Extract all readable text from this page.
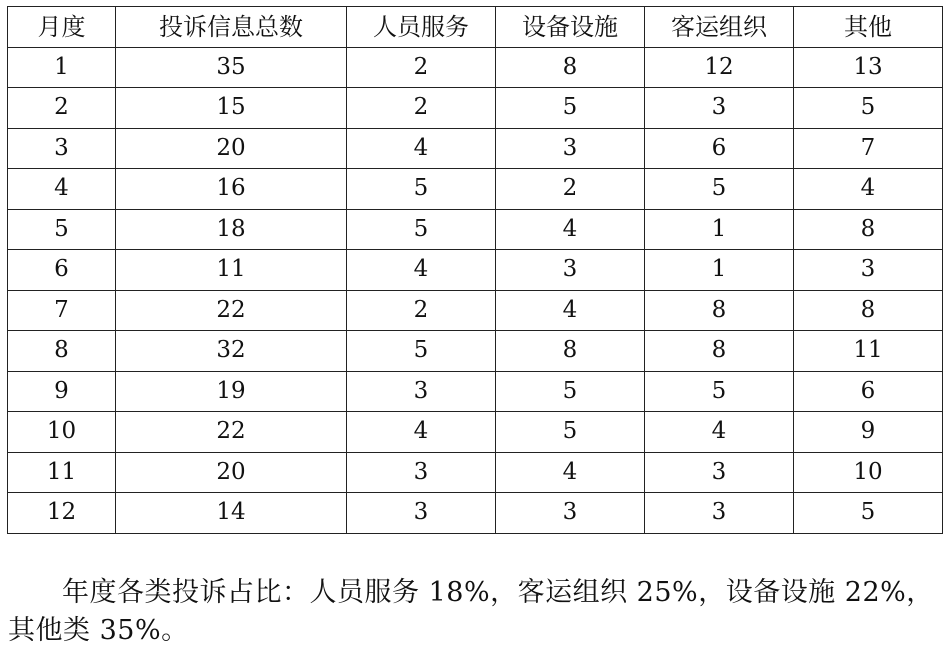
月度	投诉信息总数	人员服务	设备设施	客运组织	其他
1	35	2	8	12	13
2	15	2	5	3	5
3	20	4	3	6	7
4	16	5	2	5	4
5	18	5	4	1	8
6	11	4	3	1	3
7	22	2	4	8	8
8	32	5	8	8	11
9	19	3	5	5	6
10	22	4	5	4	9
11	20	3	4	3	10
12	14	3	3	3	5

年度各类投诉占比：人员服务 18%，客运组织 25%，设备设施 22%，其他类 35%。
